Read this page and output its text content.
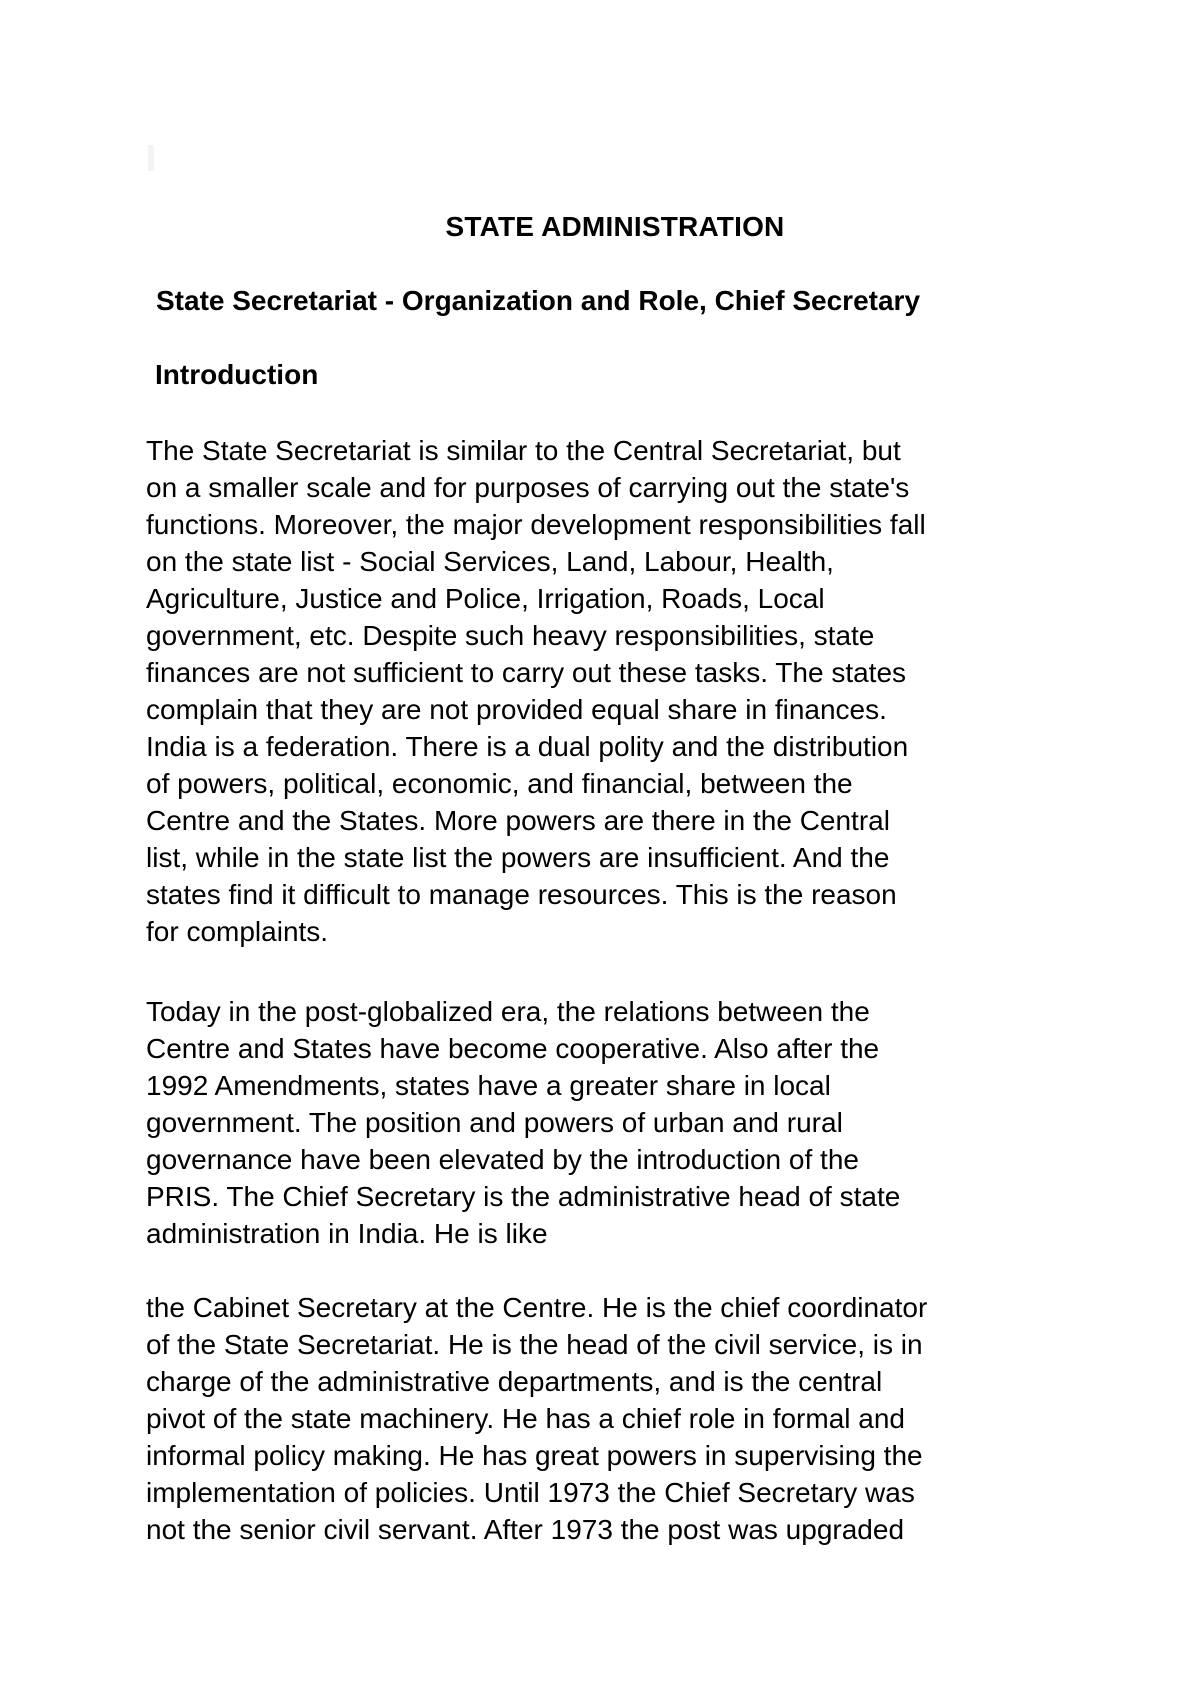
STATE ADMINISTRATION
State Secretariat - Organization and Role, Chief Secretary
Introduction
The State Secretariat is similar to the Central Secretariat, but
on a smaller scale and for purposes of carrying out the state's
functions. Moreover, the major development responsibilities fall
on the state list - Social Services, Land, Labour, Health,
Agriculture, Justice and Police, Irrigation, Roads, Local
government, etc. Despite such heavy responsibilities, state
finances are not sufficient to carry out these tasks. The states
complain that they are not provided equal share in finances.
India is a federation. There is a dual polity and the distribution
of powers, political, economic, and financial, between the
Centre and the States. More powers are there in the Central
list, while in the state list the powers are insufficient. And the
states find it difficult to manage resources. This is the reason
for complaints.
Today in the post-globalized era, the relations between the
Centre and States have become cooperative. Also after the
1992 Amendments, states have a greater share in local
government. The position and powers of urban and rural
governance have been elevated by the introduction of the
PRIS. The Chief Secretary is the administrative head of state
administration in India. He is like
the Cabinet Secretary at the Centre. He is the chief coordinator
of the State Secretariat. He is the head of the civil service, is in
charge of the administrative departments, and is the central
pivot of the state machinery. He has a chief role in formal and
informal policy making. He has great powers in supervising the
implementation of policies. Until 1973 the Chief Secretary was
not the senior civil servant. After 1973 the post was upgraded
